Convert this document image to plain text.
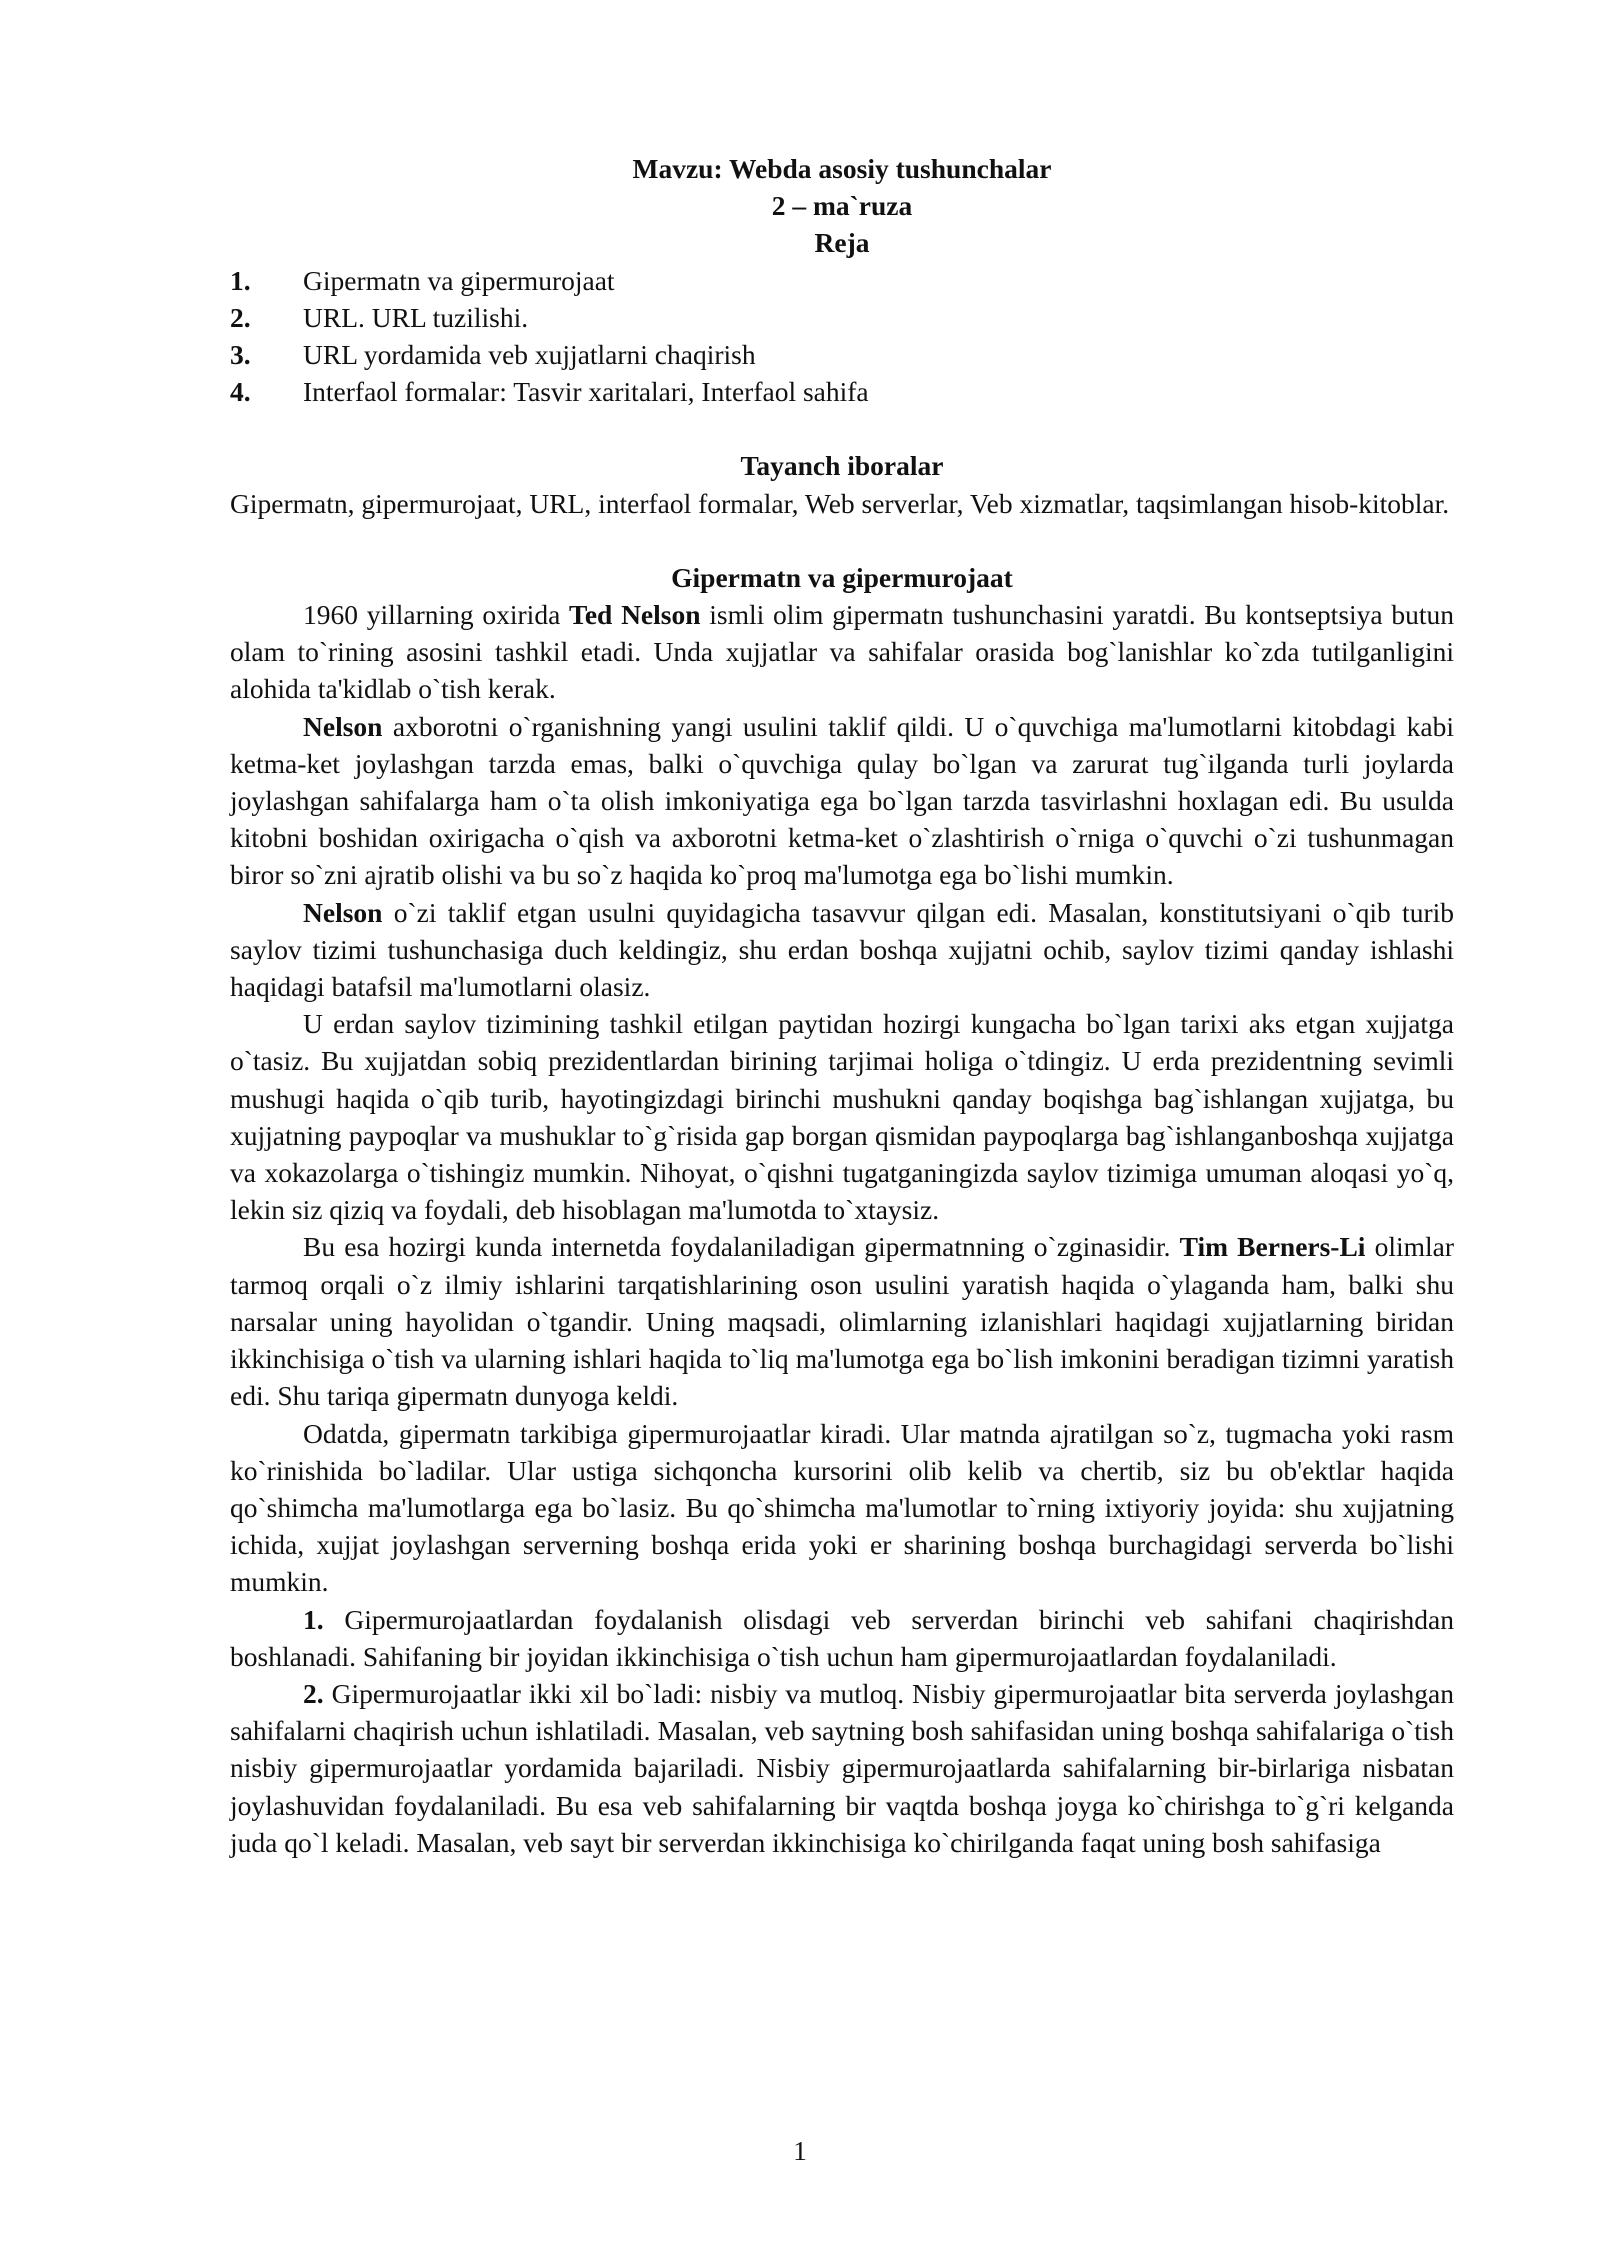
Mavzu: Webda asosiy tushunchalar
2 – ma`ruza
Reja
1.	Gipermatn va gipermurojaat
2.	URL. URL tuzilishi.
3.	URL yordamida veb xujjatlarni chaqirish
4.	Interfaol formalar: Tasvir xaritalari, Interfaol sahifa
Tayanch iboralar

Gipermatn, gipermurojaat, URL, interfaol formalar, Web serverlar, Veb xizmatlar, taqsimlangan hisob-kitoblar.

Gipermatn va gipermurojaat

1960 yillarning oxirida Ted Nelson ismli olim gipermatn tushunchasini yaratdi. Bu kontseptsiya butun olam to`rining asosini tashkil etadi. Unda xujjatlar va sahifalar orasida bog`lanishlar ko`zda tutilganligini alohida ta'kidlab o`tish kerak.

Nelson axborotni o`rganishning yangi usulini taklif qildi. U o`quvchiga ma'lumotlarni kitobdagi kabi ketma-ket joylashgan tarzda emas, balki o`quvchiga qulay bo`lgan va zarurat tug`ilganda turli joylarda joylashgan sahifalarga ham o`ta olish imkoniyatiga ega bo`lgan tarzda tasvirlashni hoxlagan edi. Bu usulda kitobni boshidan oxirigacha o`qish va axborotni ketma-ket o`zlashtirish o`rniga o`quvchi o`zi tushunmagan biror so`zni ajratib olishi va bu so`z haqida ko`proq ma'lumotga ega bo`lishi mumkin.

Nelson o`zi taklif etgan usulni quyidagicha tasavvur qilgan edi. Masalan, konstitutsiyani o`qib turib saylov tizimi tushunchasiga duch keldingiz, shu erdan boshqa xujjatni ochib, saylov tizimi qanday ishlashi haqidagi batafsil ma'lumotlarni olasiz.

U erdan saylov tizimining tashkil etilgan paytidan hozirgi kungacha bo`lgan tarixi aks etgan xujjatga o`tasiz. Bu xujjatdan sobiq prezidentlardan birining tarjimai holiga o`tdingiz. U erda prezidentning sevimli mushugi haqida o`qib turib, hayotingizdagi birinchi mushukni qanday boqishga bag`ishlangan xujjatga, bu xujjatning paypoqlar va mushuklar to`g`risida gap borgan qismidan paypoqlarga bag`ishlanganboshqa xujjatga va xokazolarga o`tishingiz mumkin. Nihoyat, o`qishni tugatganingizda saylov tizimiga umuman aloqasi yo`q, lekin siz qiziq va foydali, deb hisoblagan ma'lumotda to`xtaysiz.

Bu esa hozirgi kunda internetda foydalaniladigan gipermatnning o`zginasidir. Tim Berners-Li olimlar tarmoq orqali o`z ilmiy ishlarini tarqatishlarining oson usulini yaratish haqida o`ylaganda ham, balki shu narsalar uning hayolidan o`tgandir. Uning maqsadi, olimlarning izlanishlari haqidagi xujjatlarning biridan ikkinchisiga o`tish va ularning ishlari haqida to`liq ma'lumotga ega bo`lish imkonini beradigan tizimni yaratish edi. Shu tariqa gipermatn dunyoga keldi.

Odatda, gipermatn tarkibiga gipermurojaatlar kiradi. Ular matnda ajratilgan so`z, tugmacha yoki rasm ko`rinishida bo`ladilar. Ular ustiga sichqoncha kursorini olib kelib va chertib, siz bu ob'ektlar haqida qo`shimcha ma'lumotlarga ega bo`lasiz. Bu qo`shimcha ma'lumotlar to`rning ixtiyoriy joyida: shu xujjatning ichida, xujjat joylashgan serverning boshqa erida yoki er sharining boshqa burchagidagi serverda bo`lishi mumkin.

1. Gipermurojaatlardan foydalanish olisdagi veb serverdan birinchi veb sahifani chaqirishdan boshlanadi. Sahifaning bir joyidan ikkinchisiga o`tish uchun ham gipermurojaatlardan foydalaniladi.

2. Gipermurojaatlar ikki xil bo`ladi: nisbiy va mutloq. Nisbiy gipermurojaatlar bita serverda joylashgan sahifalarni chaqirish uchun ishlatiladi. Masalan, veb saytning bosh sahifasidan uning boshqa sahifalariga o`tish nisbiy gipermurojaatlar yordamida bajariladi. Nisbiy gipermurojaatlarda sahifalarning bir-birlariga nisbatan joylashuvidan foydalaniladi. Bu esa veb sahifalarning bir vaqtda boshqa joyga ko`chirishga to`g`ri kelganda juda qo`l keladi. Masalan, veb sayt bir serverdan ikkinchisiga ko`chirilganda faqat uning bosh sahifasiga

1
